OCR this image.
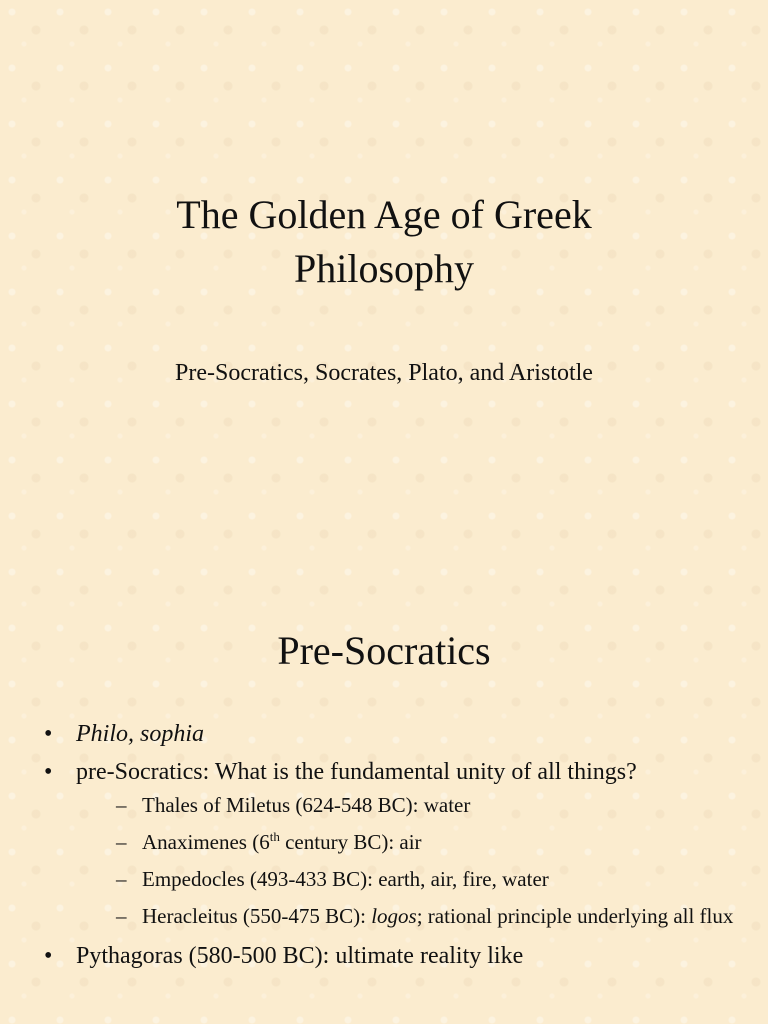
The Golden Age of Greek
Philosophy
Pre-Socratics, Socrates, Plato, and Aristotle
Pre-Socratics
• Philo, sophia
• pre-Socratics: What is the fundamental unity of all things?
– Thales of Miletus (624-548 BC): water
– Anaximenes (6th century BC): air
– Empedocles (493-433 BC): earth, air, fire, water
– Heracleitus (550-475 BC): logos; rational principle underlying all flux
• Pythagoras (580-500 BC): ultimate reality like
